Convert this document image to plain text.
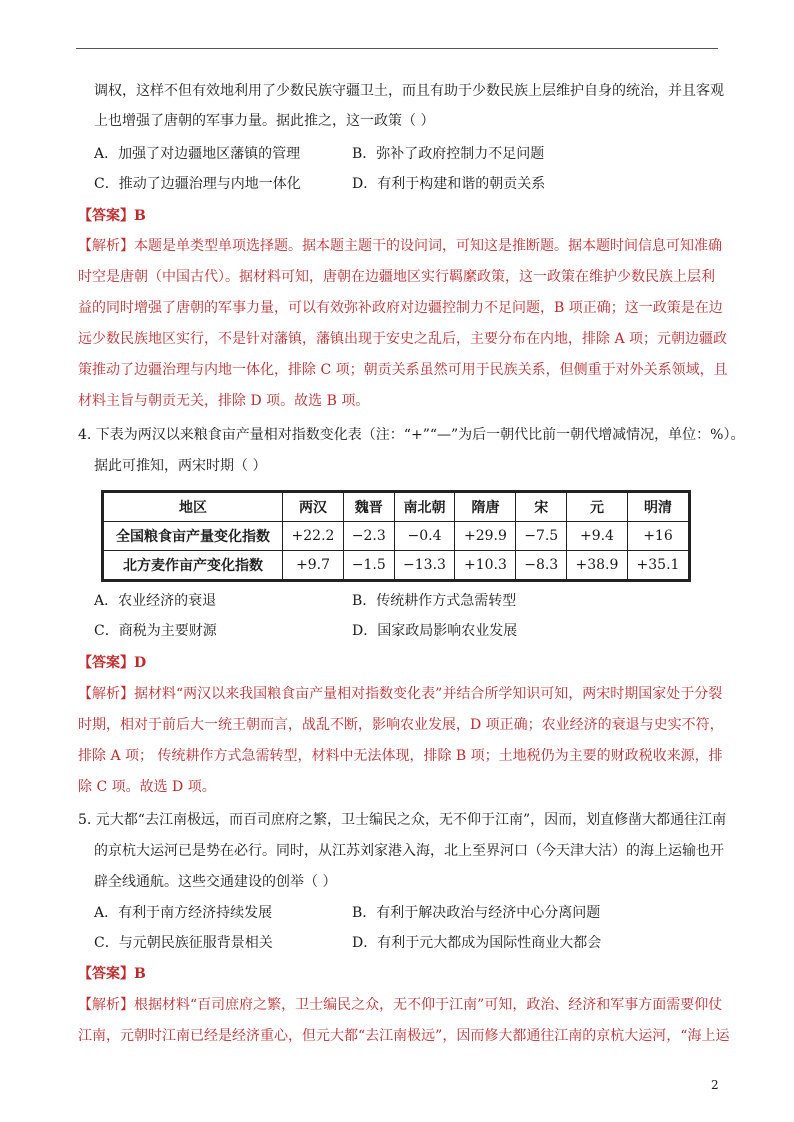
调权，这样不但有效地利用了少数民族守疆卫土，而且有助于少数民族上层维护自身的统治，并且客观
上也增强了唐朝的军事力量。据此推之，这一政策（ ）
A．加强了对边疆地区藩镇的管理	B．弥补了政府控制力不足问题
C．推动了边疆治理与内地一体化	D．有利于构建和谐的朝贡关系
【答案】B
【解析】本题是单类型单项选择题。据本题主题干的设问词，可知这是推断题。据本题时间信息可知准确
时空是唐朝（中国古代）。据材料可知，唐朝在边疆地区实行羁縻政策，这一政策在维护少数民族上层利
益的同时增强了唐朝的军事力量，可以有效弥补政府对边疆控制力不足问题，B 项正确；这一政策是在边
远少数民族地区实行，不是针对藩镇，藩镇出现于安史之乱后，主要分布在内地，排除 A 项；元朝边疆政
策推动了边疆治理与内地一体化，排除 C 项；朝贡关系虽然可用于民族关系，但侧重于对外关系领域，且
材料主旨与朝贡无关，排除 D 项。故选 B 项。
4. 下表为两汉以来粮食亩产量相对指数变化表（注：“+”“—”为后一朝代比前一朝代增减情况，单位：%）。
据此可推知，两宋时期（ ）
地区	两汉	魏晋	南北朝	隋唐	宋	元	明清
全国粮食亩产量变化指数	+22.2	−2.3	−0.4	+29.9	−7.5	+9.4	+16
北方麦作亩产变化指数	+9.7	−1.5	−13.3	+10.3	−8.3	+38.9	+35.1
A．农业经济的衰退	B．传统耕作方式急需转型
C．商税为主要财源	D．国家政局影响农业发展
【答案】D
【解析】据材料“两汉以来我国粮食亩产量相对指数变化表”并结合所学知识可知，两宋时期国家处于分裂
时期，相对于前后大一统王朝而言，战乱不断，影响农业发展，D 项正确；农业经济的衰退与史实不符，
排除 A 项； 传统耕作方式急需转型，材料中无法体现，排除 B 项；土地税仍为主要的财政税收来源，排
除 C 项。故选 D 项。
5. 元大都“去江南极远，而百司庶府之繁，卫士编民之众，无不仰于江南”，因而，划直修凿大都通往江南
的京杭大运河已是势在必行。同时，从江苏刘家港入海，北上至界河口（今天津大沽）的海上运输也开
辟全线通航。这些交通建设的创举（ ）
A．有利于南方经济持续发展	B．有利于解决政治与经济中心分离问题
C．与元朝民族征服背景相关	D．有利于元大都成为国际性商业大都会
【答案】B
【解析】根据材料“百司庶府之繁，卫士编民之众，无不仰于江南”可知，政治、经济和军事方面需要仰仗
江南，元朝时江南已经是经济重心，但元大都“去江南极远”，因而修大都通往江南的京杭大运河，“海上运
2
